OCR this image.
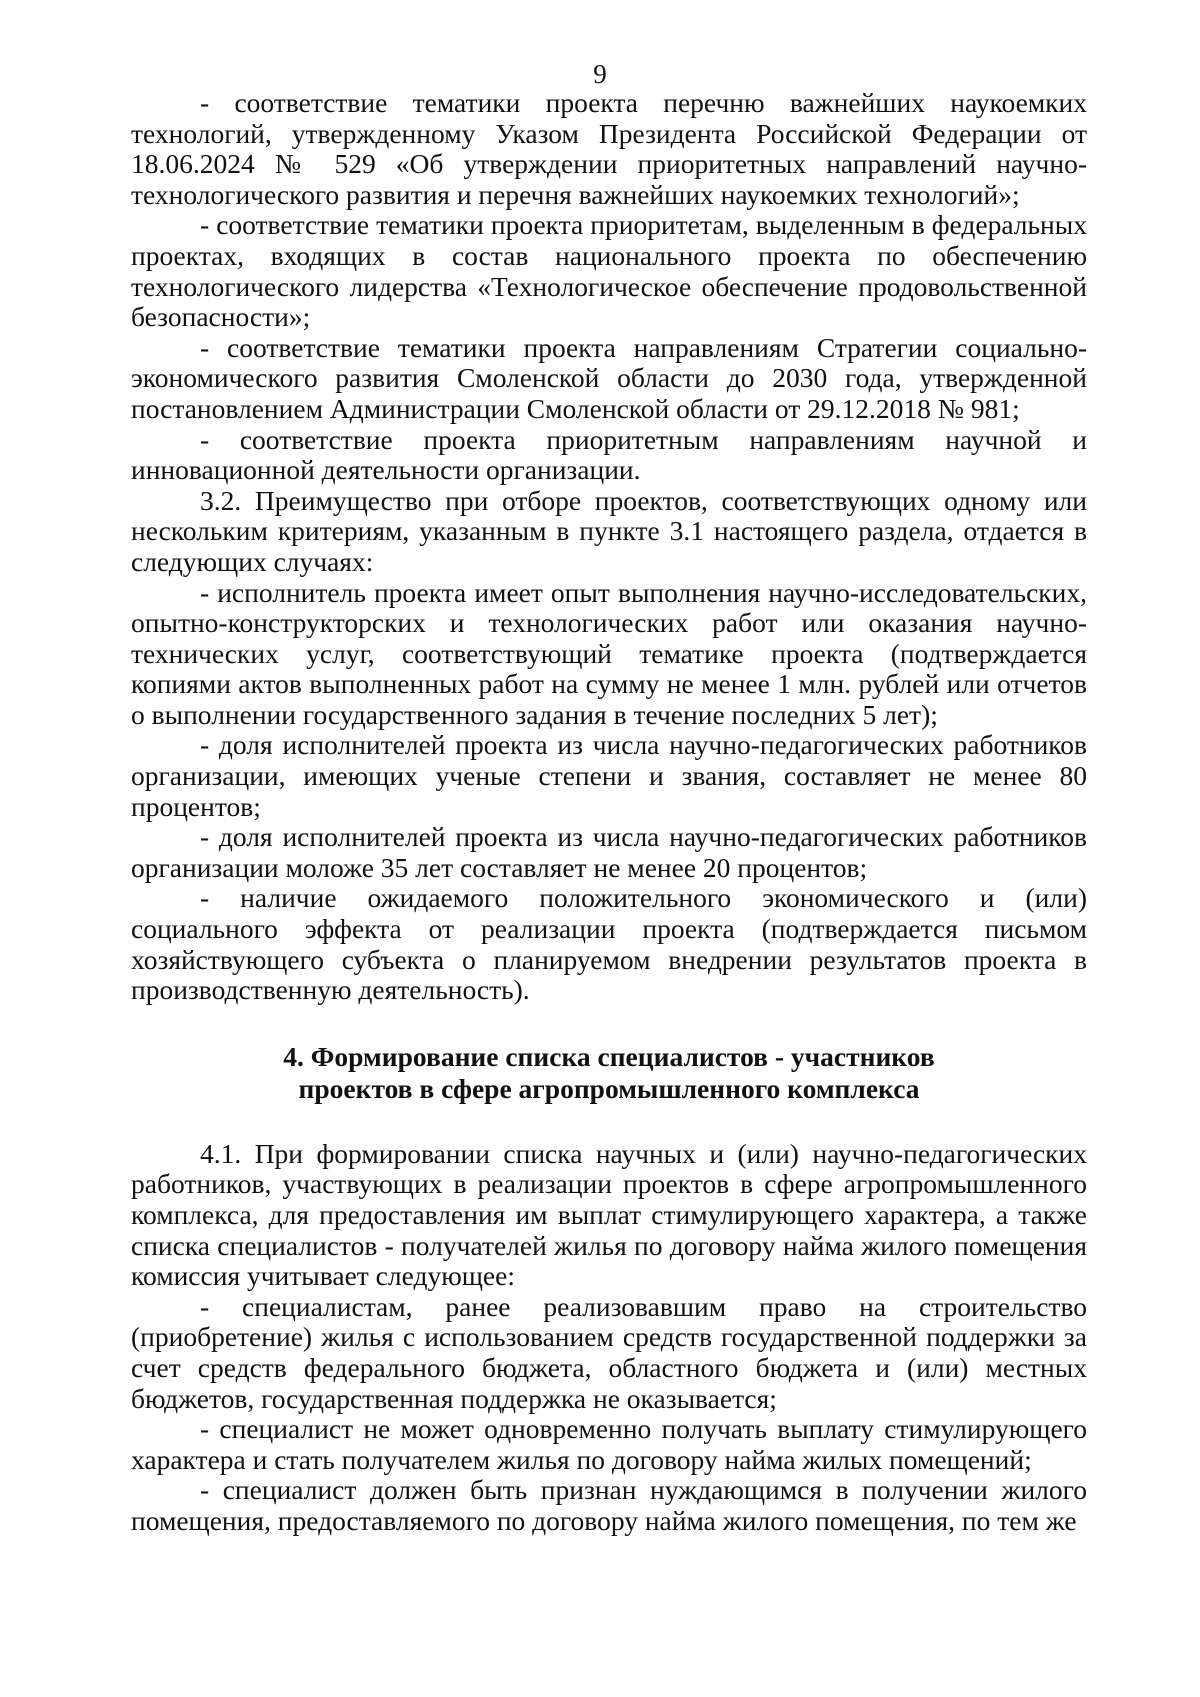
9

- соответствие тематики проекта перечню важнейших наукоемких технологий, утвержденному Указом Президента Российской Федерации от 18.06.2024 № 529 «Об утверждении приоритетных направлений научно-технологического развития и перечня важнейших наукоемких технологий»;

- соответствие тематики проекта приоритетам, выделенным в федеральных проектах, входящих в состав национального проекта по обеспечению технологического лидерства «Технологическое обеспечение продовольственной безопасности»;

- соответствие тематики проекта направлениям Стратегии социально-экономического развития Смоленской области до 2030 года, утвержденной постановлением Администрации Смоленской области от 29.12.2018 № 981;

- соответствие проекта приоритетным направлениям научной и инновационной деятельности организации.

3.2. Преимущество при отборе проектов, соответствующих одному или нескольким критериям, указанным в пункте 3.1 настоящего раздела, отдается в следующих случаях:

- исполнитель проекта имеет опыт выполнения научно-исследовательских, опытно-конструкторских и технологических работ или оказания научно-технических услуг, соответствующий тематике проекта (подтверждается копиями актов выполненных работ на сумму не менее 1 млн. рублей или отчетов о выполнении государственного задания в течение последних 5 лет);

- доля исполнителей проекта из числа научно-педагогических работников организации, имеющих ученые степени и звания, составляет не менее 80 процентов;

- доля исполнителей проекта из числа научно-педагогических работников организации моложе 35 лет составляет не менее 20 процентов;

- наличие ожидаемого положительного экономического и (или) социального эффекта от реализации проекта (подтверждается письмом хозяйствующего субъекта о планируемом внедрении результатов проекта в производственную деятельность).

4. Формирование списка специалистов - участников
проектов в сфере агропромышленного комплекса

4.1. При формировании списка научных и (или) научно-педагогических работников, участвующих в реализации проектов в сфере агропромышленного комплекса, для предоставления им выплат стимулирующего характера, а также списка специалистов - получателей жилья по договору найма жилого помещения комиссия учитывает следующее:

- специалистам, ранее реализовавшим право на строительство (приобретение) жилья с использованием средств государственной поддержки за счет средств федерального бюджета, областного бюджета и (или) местных бюджетов, государственная поддержка не оказывается;

- специалист не может одновременно получать выплату стимулирующего характера и стать получателем жилья по договору найма жилых помещений;

- специалист должен быть признан нуждающимся в получении жилого помещения, предоставляемого по договору найма жилого помещения, по тем же
